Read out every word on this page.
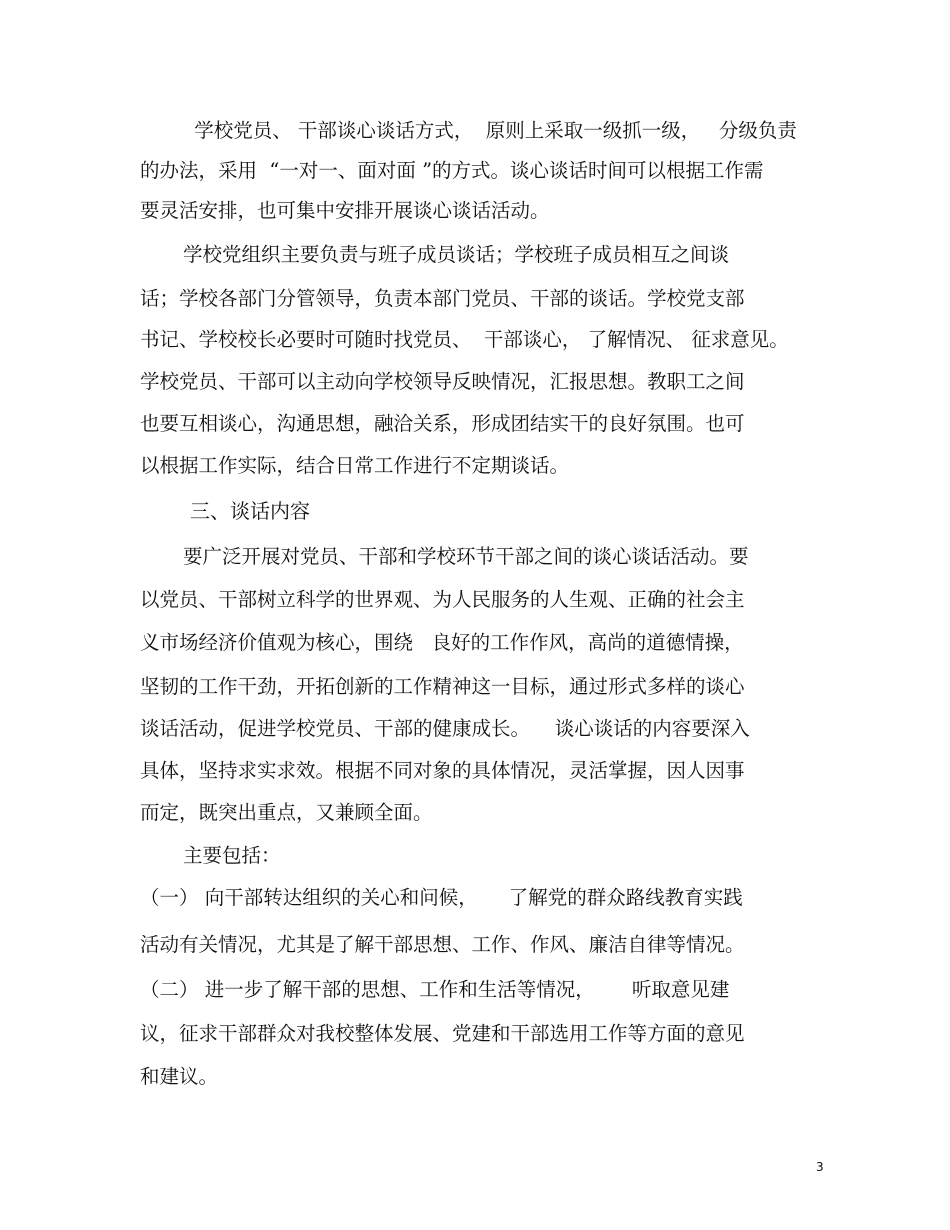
学校党员、 干部谈心谈话方式，  原则上采取一级抓一级，   分级负责
的办法，采用  “一对一、面对面 ”的方式。谈心谈话时间可以根据工作需
要灵活安排，也可集中安排开展谈心谈话活动。
学校党组织主要负责与班子成员谈话；学校班子成员相互之间谈
话；学校各部门分管领导，负责本部门党员、干部的谈话。学校党支部
书记、学校校长必要时可随时找党员、  干部谈心， 了解情况、 征求意见。
学校党员、干部可以主动向学校领导反映情况，汇报思想。教职工之间
也要互相谈心，沟通思想，融洽关系，形成团结实干的良好氛围。也可
以根据工作实际，结合日常工作进行不定期谈话。
三、谈话内容
要广泛开展对党员、干部和学校环节干部之间的谈心谈话活动。要
以党员、干部树立科学的世界观、为人民服务的人生观、正确的社会主
义市场经济价值观为核心，围绕   良好的工作作风，高尚的道德情操，
坚韧的工作干劲，开拓创新的工作精神这一目标，通过形式多样的谈心
谈话活动，促进学校党员、干部的健康成长。    谈心谈话的内容要深入
具体，坚持求实求效。根据不同对象的具体情况，灵活掌握，因人因事
而定，既突出重点，又兼顾全面。
主要包括：
（一） 向干部转达组织的关心和问候，     了解党的群众路线教育实践
活动有关情况，尤其是了解干部思想、工作、作风、廉洁自律等情况。
（二） 进一步了解干部的思想、工作和生活等情况，      听取意见建
议，征求干部群众对我校整体发展、党建和干部选用工作等方面的意见
和建议。
3
